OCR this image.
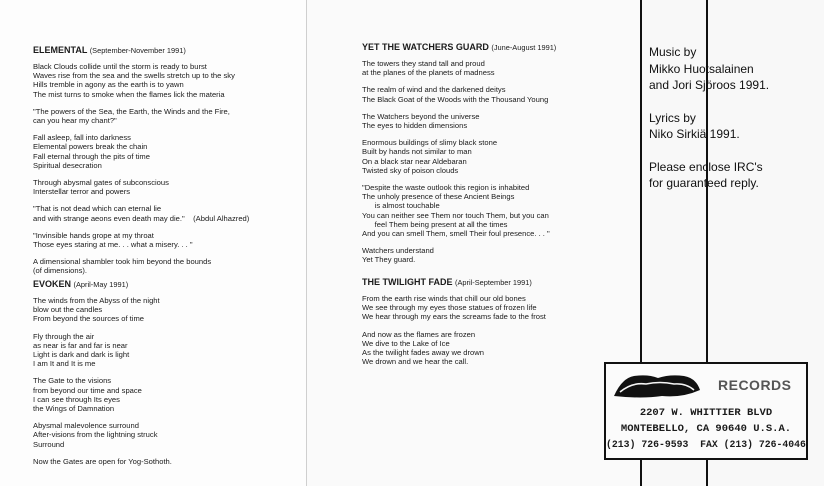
ELEMENTAL (September-November 1991)
Black Clouds collide until the storm is ready to burst
Waves rise from the sea and the swells stretch up to the sky
Hills tremble in agony as the earth is to yawn
The mist turns to smoke when the flames lick the materia
"The powers of the Sea, the Earth, the Winds and the Fire,
can you hear my chant?"
Fall asleep, fall into darkness
Elemental powers break the chain
Fall eternal through the pits of time
Spiritual desecration
Through abysmal gates of subconscious
Interstellar terror and powers
"That is not dead which can eternal lie
and with strange aeons even death may die."    (Abdul Alhazred)
"Invinsible hands grope at my throat
Those eyes staring at me. . . what a misery. . . "
A dimensional shambler took him beyond the bounds
(of dimensions).
EVOKEN (April-May 1991)
The winds from the Abyss of the night
blow out the candles
From beyond the sources of time
Fly through the air
as near is far and far is near
Light is dark and dark is light
I am It and It is me
The Gate to the visions
from beyond our time and space
I can see through Its eyes
the Wings of Damnation
Abysmal malevolence surround
After-visions from the lightning struck
Surround
Now the Gates are open for Yog-Sothoth.
YET THE WATCHERS GUARD (June-August 1991)
The towers they stand tall and proud
at the planes of the planets of madness
The realm of wind and the darkened deitys
The Black Goat of the Woods with the Thousand Young
The Watchers beyond the universe
The eyes to hidden dimensions
Enormous buildings of slimy black stone
Built by hands not similar to man
On a black star near Aldebaran
Twisted sky of poison clouds
"Despite the waste outlook this region is inhabited
The unholy presence of these Ancient Beings
is almost touchable
You can neither see Them nor touch Them, but you can
feel Them being present at all the times
And you can smell Them, smell Their foul presence. . . "
Watchers understand
Yet They guard.
THE TWILIGHT FADE (April-September 1991)
From the earth rise winds that chill our old bones
We see through my eyes those statues of frozen life
We hear through my ears the screams fade to the frost
And now as the flames are frozen
We dive to the Lake of Ice
As the twilight fades away we drown
We drown and we hear the call.
Music by
Mikko Huotsalainen
and Jori Sjöroos 1991.
Lyrics by
Niko Sirkiä 1991.
Please enclose IRC's
for guaranteed reply.
RECORDS
2207 W. WHITTIER BLVD
MONTEBELLO, CA 90640 U.S.A.
(213) 726-9593  FAX (213) 726-4046
